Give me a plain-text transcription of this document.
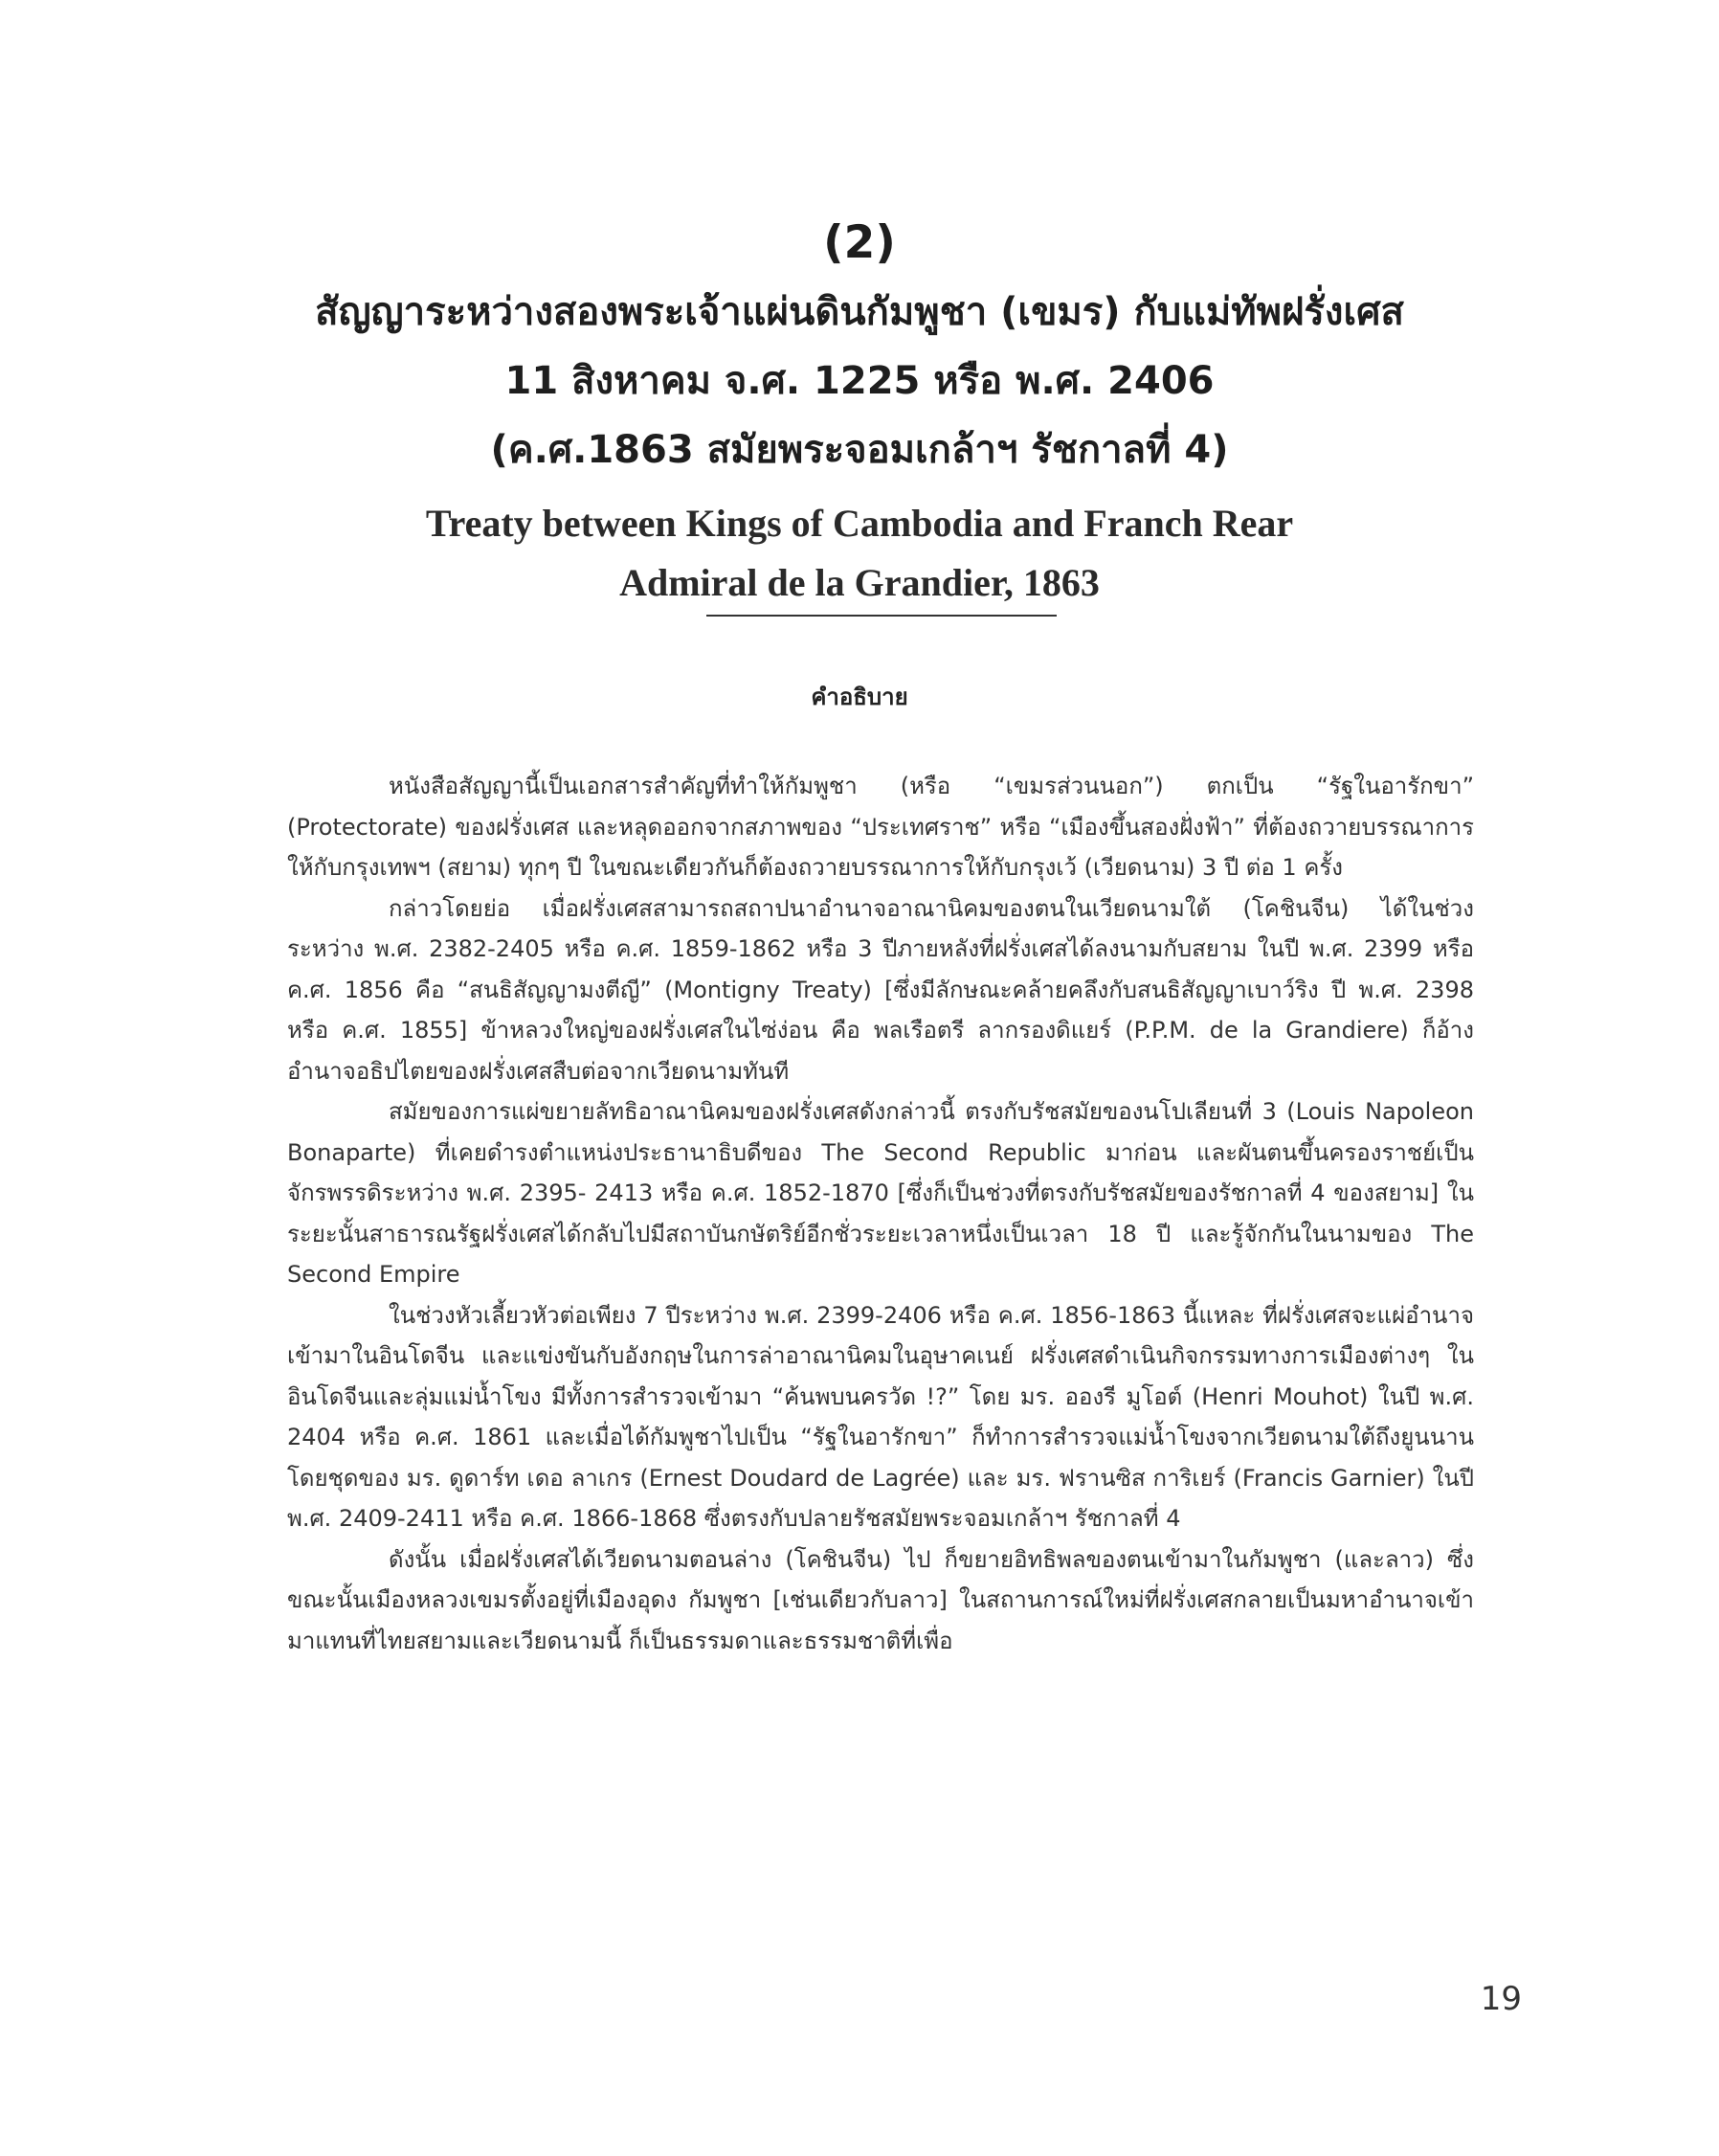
(2)
สัญญาระหว่างสองพระเจ้าแผ่นดินกัมพูชา (เขมร) กับแม่ทัพฝรั่งเศส
11 สิงหาคม จ.ศ. 1225 หรือ พ.ศ. 2406
(ค.ศ.1863 สมัยพระจอมเกล้าฯ รัชกาลที่ 4)
Treaty between Kings of Cambodia and Franch Rear
Admiral de la Grandier, 1863
คำอธิบาย

หนังสือสัญญานี้เป็นเอกสารสำคัญที่ทำให้กัมพูชา (หรือ “เขมรส่วนนอก”) ตกเป็น “รัฐในอารักขา” (Protectorate) ของฝรั่งเศส และหลุดออกจากสภาพของ “ประเทศราช” หรือ “เมืองขึ้นสองฝั่งฟ้า” ที่ต้องถวายบรรณาการให้กับกรุงเทพฯ (สยาม) ทุกๆ ปี ในขณะเดียวกันก็ต้องถวายบรรณาการให้กับกรุงเว้ (เวียดนาม) 3 ปี ต่อ 1 ครั้ง

กล่าวโดยย่อ เมื่อฝรั่งเศสสามารถสถาปนาอำนาจอาณานิคมของตนในเวียดนามใต้ (โคชินจีน) ได้ในช่วงระหว่าง พ.ศ. 2382-2405 หรือ ค.ศ. 1859-1862 หรือ 3 ปีภายหลังที่ฝรั่งเศสได้ลงนามกับสยาม ในปี พ.ศ. 2399 หรือ ค.ศ. 1856 คือ “สนธิสัญญามงตีญี” (Montigny Treaty) [ซึ่งมีลักษณะคล้ายคลึงกับสนธิสัญญาเบาว์ริง ปี พ.ศ. 2398 หรือ ค.ศ. 1855] ข้าหลวงใหญ่ของฝรั่งเศสในไซ่ง่อน คือ พลเรือตรี ลากรองดิแยร์ (P.P.M. de la Grandiere) ก็อ้างอำนาจอธิปไตยของฝรั่งเศสสืบต่อจากเวียดนามทันที

สมัยของการแผ่ขยายลัทธิอาณานิคมของฝรั่งเศสดังกล่าวนี้ ตรงกับรัชสมัยของนโปเลียนที่ 3 (Louis Napoleon Bonaparte) ที่เคยดำรงตำแหน่งประธานาธิบดีของ The Second Republic มาก่อน และผันตนขึ้นครองราชย์เป็นจักรพรรดิระหว่าง พ.ศ. 2395- 2413 หรือ ค.ศ. 1852-1870 [ซึ่งก็เป็นช่วงที่ตรงกับรัชสมัยของรัชกาลที่ 4 ของสยาม] ในระยะนั้นสาธารณรัฐฝรั่งเศสได้กลับไปมีสถาบันกษัตริย์อีกชั่วระยะเวลาหนึ่งเป็นเวลา 18 ปี และรู้จักกันในนามของ The Second Empire

ในช่วงหัวเลี้ยวหัวต่อเพียง 7 ปีระหว่าง พ.ศ. 2399-2406 หรือ ค.ศ. 1856-1863 นี้แหละ ที่ฝรั่งเศสจะแผ่อำนาจเข้ามาในอินโดจีน และแข่งขันกับอังกฤษในการล่าอาณานิคมในอุษาคเนย์ ฝรั่งเศสดำเนินกิจกรรมทางการเมืองต่างๆ ในอินโดจีนและลุ่มแม่น้ำโขง มีทั้งการสำรวจเข้ามา “ค้นพบนครวัด !?” โดย มร. อองรี มูโอต์ (Henri Mouhot) ในปี พ.ศ. 2404 หรือ ค.ศ. 1861 และเมื่อได้กัมพูชาไปเป็น “รัฐในอารักขา” ก็ทำการสำรวจแม่น้ำโขงจากเวียดนามใต้ถึงยูนนานโดยชุดของ มร. ดูดาร์ท เดอ ลาเกร (Ernest Doudard de Lagrée) และ มร. ฟรานซิส การิเยร์ (Francis Garnier) ในปี พ.ศ. 2409-2411 หรือ ค.ศ. 1866-1868 ซึ่งตรงกับปลายรัชสมัยพระจอมเกล้าฯ รัชกาลที่ 4

ดังนั้น เมื่อฝรั่งเศสได้เวียดนามตอนล่าง (โคชินจีน) ไป ก็ขยายอิทธิพลของตนเข้ามาในกัมพูชา (และลาว) ซึ่งขณะนั้นเมืองหลวงเขมรตั้งอยู่ที่เมืองอุดง กัมพูชา [เช่นเดียวกับลาว] ในสถานการณ์ใหม่ที่ฝรั่งเศสกลายเป็นมหาอำนาจเข้ามาแทนที่ไทยสยามและเวียดนามนี้ ก็เป็นธรรมดาและธรรมชาติที่เพื่อ

19
